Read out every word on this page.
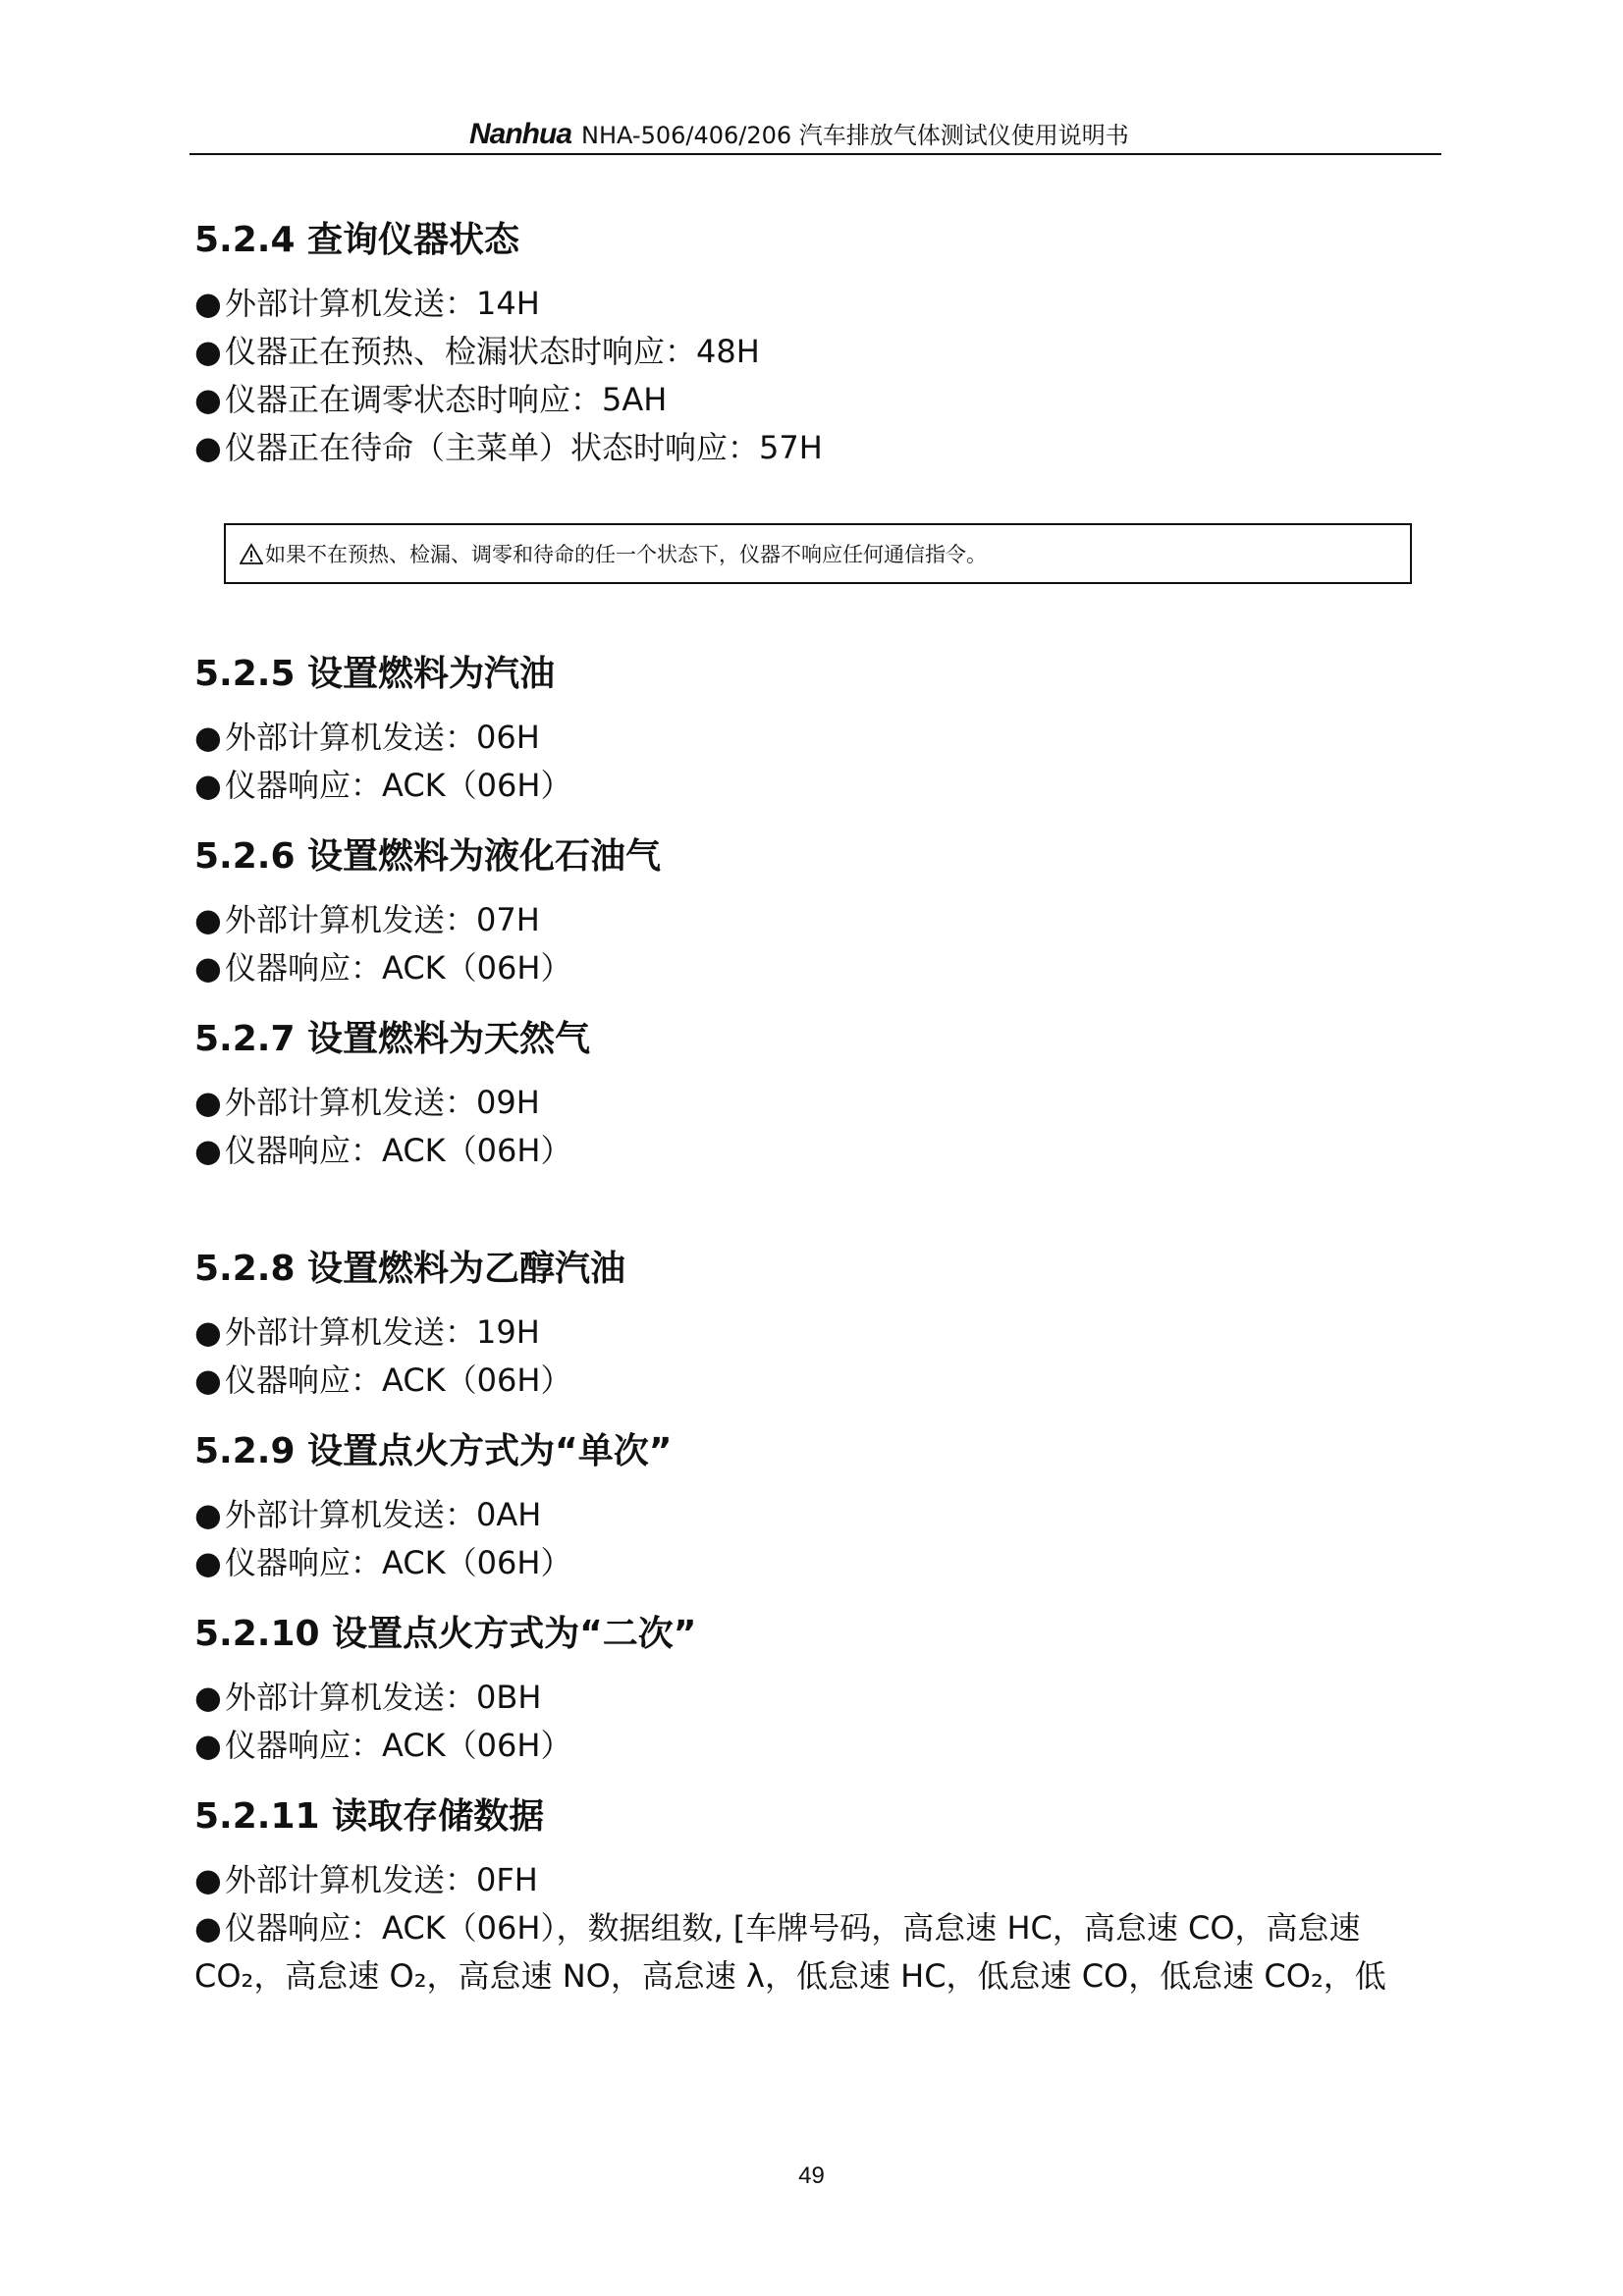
Nanhua NHA-506/406/206 汽车排放气体测试仪使用说明书
5.2.4 查询仪器状态

●外部计算机发送：14H

●仪器正在预热、检漏状态时响应：48H

●仪器正在调零状态时响应：5AH

●仪器正在待命（主菜单）状态时响应：57H

如果不在预热、检漏、调零和待命的任一个状态下，仪器不响应任何通信指令。
5.2.5 设置燃料为汽油

●外部计算机发送：06H

●仪器响应：ACK（06H）

5.2.6 设置燃料为液化石油气

●外部计算机发送：07H

●仪器响应：ACK（06H）

5.2.7 设置燃料为天然气

●外部计算机发送：09H

●仪器响应：ACK（06H）

5.2.8 设置燃料为乙醇汽油

●外部计算机发送：19H

●仪器响应：ACK（06H）

5.2.9 设置点火方式为“单次”

●外部计算机发送：0AH

●仪器响应：ACK（06H）

5.2.10 设置点火方式为“二次”

●外部计算机发送：0BH

●仪器响应：ACK（06H）

5.2.11 读取存储数据

●外部计算机发送：0FH

●仪器响应：ACK（06H），数据组数, [车牌号码，高怠速 HC，高怠速 CO，高怠速

CO₂，高怠速 O₂，高怠速 NO，高怠速 λ，低怠速 HC，低怠速 CO，低怠速 CO₂，低

49
